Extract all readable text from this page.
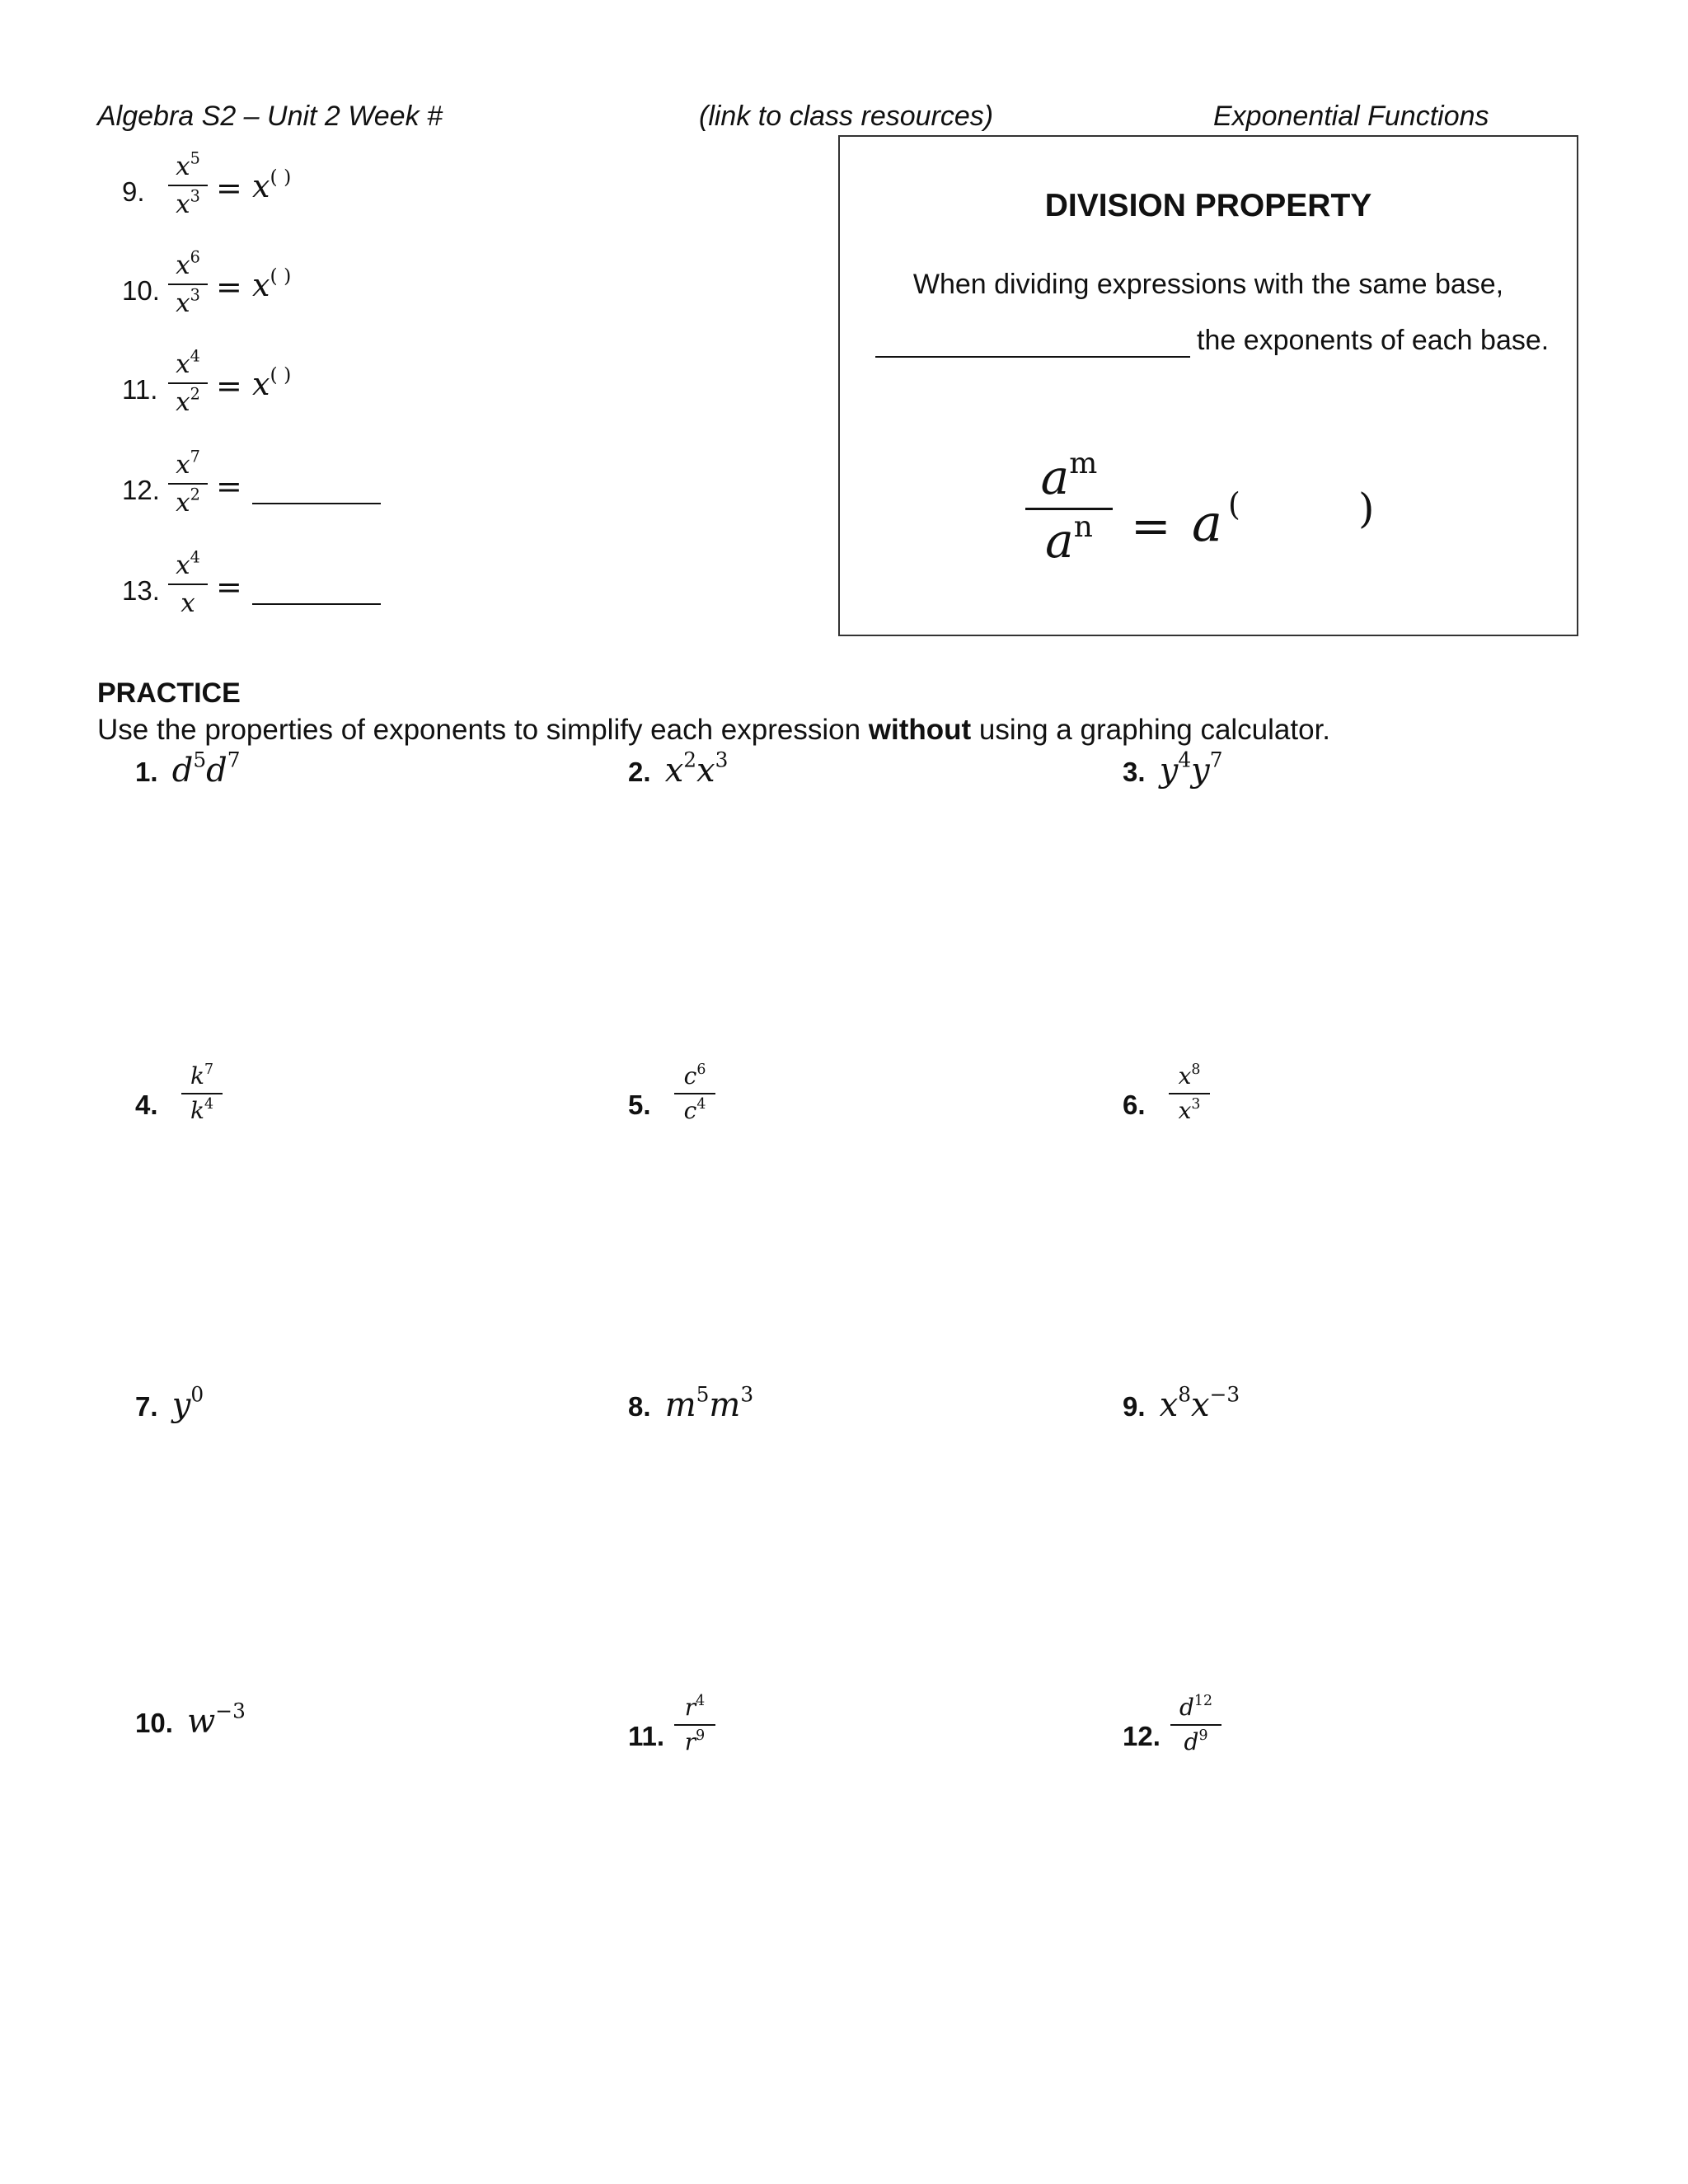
Algebra S2 – Unit 2 Week #	(link to class resources)	Exponential Functions
9.
$x^5$
$x^3 = x^{( )}$
10.
$x^6$
$x^3 = x^{( )}$
11.
$x^4$
$x^2 = x^{( )}$
12.
$x^7$
$x^2$ =
13.
$x^4$
x =
DIVISION PROPERTY
When dividing expressions with the same base,
the exponents of each base.
$a^m$
$a^n = a$ (	)
PRACTICE
Use the properties of exponents to simplify each expression without using a graphing calculator.
1. $d^5d^7$	2. $x^2x^3$	3. $y^4y^7$
4.
$k^7$
$k^4$	5.
$c^6$
$c^4$	6.
$x^8$
$x^3$
7. $y^0$	8. $m^5m^3$	9. $x^8x^{-3}$
10. $w^{-3}$
11.
$r^4$
$r^9$	12.
$d^{12}$
$d^9$
